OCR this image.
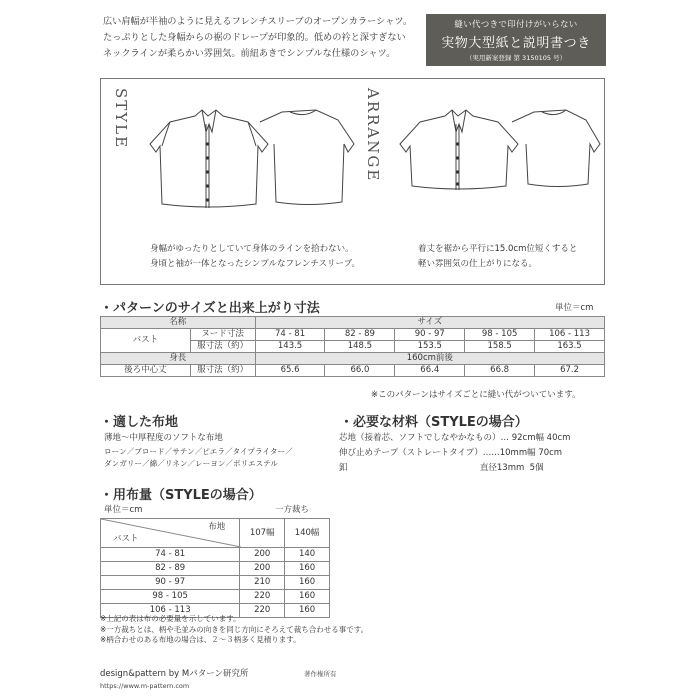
広い肩幅が半袖のように見えるフレンチスリーブのオープンカラーシャツ。
たっぷりとした身幅からの裾のドレープが印象的。低めの衿と深すぎない
ネックラインが柔らかい雰囲気。前紐あきでシンプルな仕様のシャツ。
縫い代つきで印付けがいらない
実物大型紙と説明書つき
（実用新案登録 第 3150105 号）
STYLE	ARRANGE
身幅がゆったりとしていて身体のラインを拾わない。
身頃と袖が一体となったシンプルなフレンチスリーブ。
着丈を裾から平行に15.0cm位短くすると
軽い雰囲気の仕上がりになる。
・パターンのサイズと出来上がり寸法	単位＝cm
名称		サイズ				
バスト	ヌード寸法	74 - 81	82 - 89	90 - 97	98 - 105	106 - 113
	服寸法（約）	143.5	148.5	153.5	158.5	163.5
身長		160cm前後				
後ろ中心丈	服寸法（約）	65.6	66.0	66.4	66.8	67.2
※このパターンはサイズごとに縫い代がついています。
・適した布地
薄地〜中厚程度のソフトな布地
ローン／ブロード／サテン／ピエラ／タイプライター／
ダンガリー／綿／リネン／レーヨン／ポリエステル
・必要な材料（STYLEの場合）
芯地（接着芯、ソフトでしなやかなもの）… 92cm幅 40cm
伸び止めテープ（ストレートタイプ）……10mm幅 70cm
釦                                                 直径13mm  5個
・用布量（STYLEの場合）
単位＝cm	一方裁ち
布地
バスト	107幅	140幅
74 - 81	200	140
82 - 89	200	160
90 - 97	210	160
98 - 105	220	160
106 - 113	220	160
※上記の表は布の必要量を示しています。
※一方裁ちとは、柄や毛並みの向きを同じ方向にそろえて裁ち合わせる事です。
※柄合わせのある布地の場合は、２〜３柄多く見積ります。
design&pattern by Mパターン研究所	著作権所有
https://www.m-pattern.com
